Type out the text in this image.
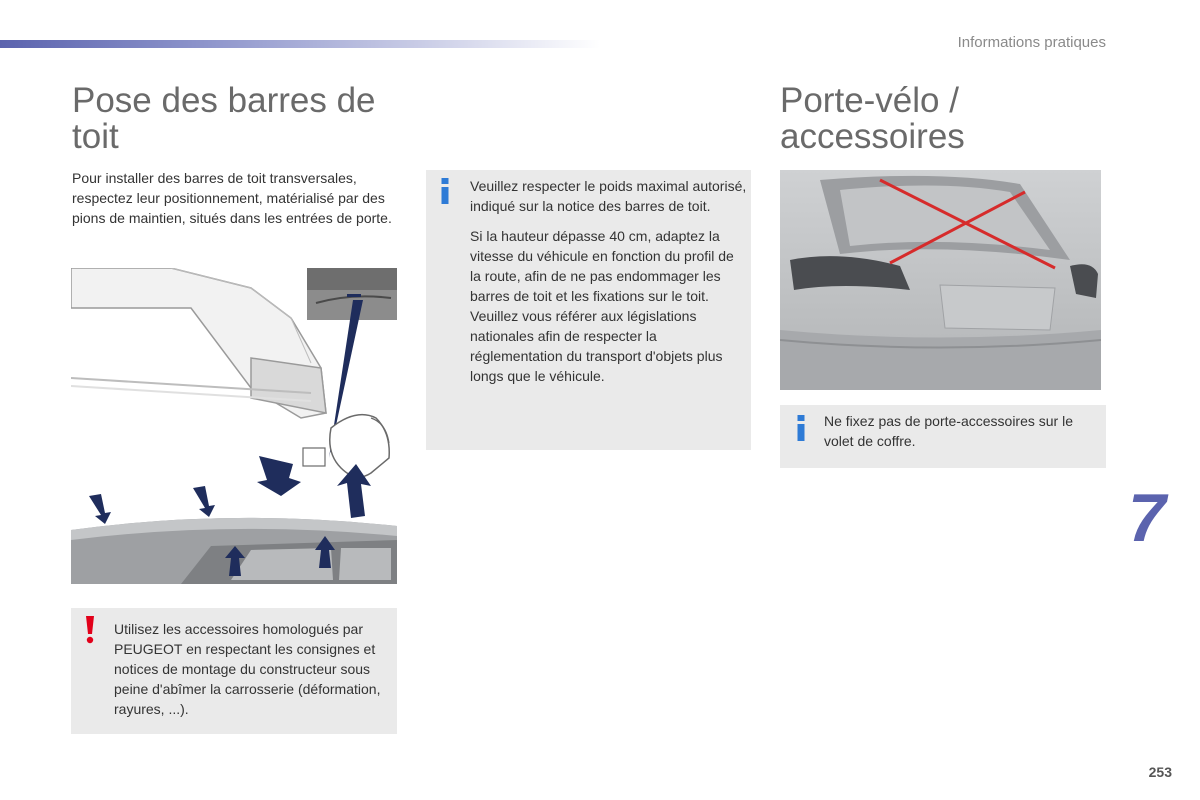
Informations pratiques
Pose des barres de toit
Pour installer des barres de toit transversales, respectez leur positionnement, matérialisé par des pions de maintien, situés dans les entrées de porte.
Utilisez les accessoires homologués par PEUGEOT en respectant les consignes et notices de montage du constructeur sous peine d'abîmer la carrosserie (déformation, rayures, ...).

Veuillez respecter le poids maximal autorisé, indiqué sur la notice des barres de toit.

Si la hauteur dépasse 40 cm, adaptez la vitesse du véhicule en fonction du profil de la route, afin de ne pas endommager les barres de toit et les fixations sur le toit.
Veuillez vous référer aux législations nationales afin de respecter la réglementation du transport d'objets plus longs que le véhicule.

Porte-vélo / accessoires
Ne fixez pas de porte-accessoires sur le volet de coffre.
7
253
